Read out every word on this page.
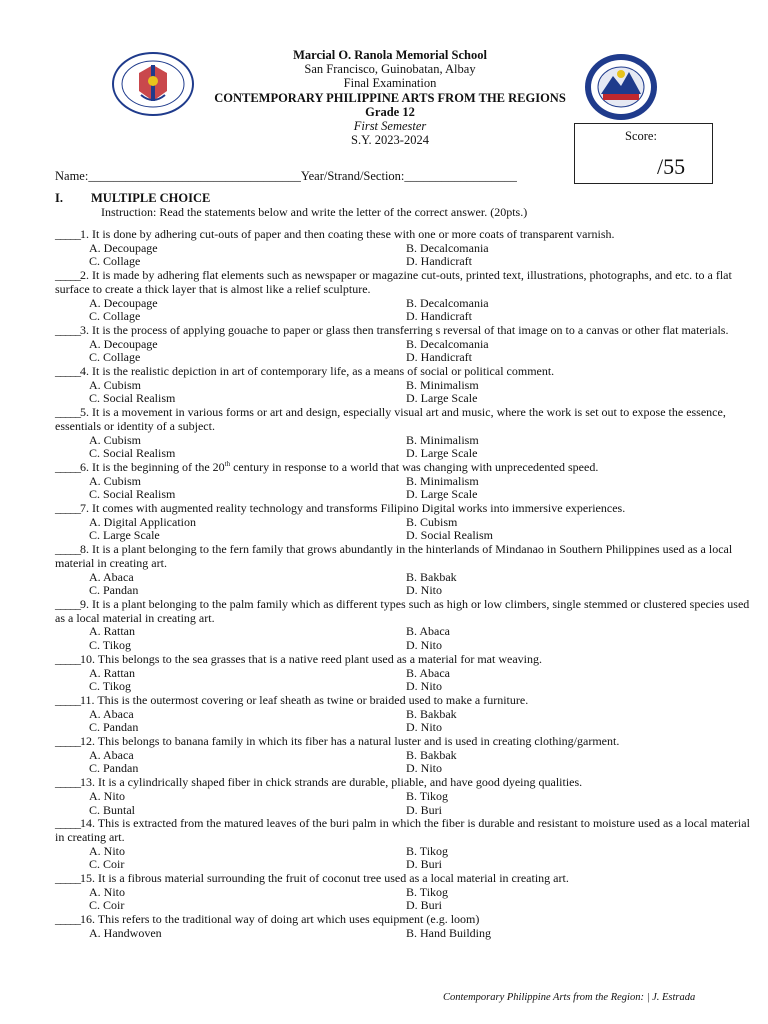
Marcial O. Ranola Memorial School
San Francisco, Guinobatan, Albay
Final Examination
CONTEMPORARY PHILIPPINE ARTS FROM THE REGIONS
Grade 12
First Semester
S.Y. 2023-2024	Score:
/55
Name:__________________________________Year/Strand/Section:__________________
I. MULTIPLE CHOICE
Instruction: Read the statements below and write the letter of the correct answer. (20pts.)
_____1. It is done by adhering cut-outs of paper and then coating these with one or more coats of transparent varnish.
A. Decoupage	B. Decalcomania
C. Collage	D. Handicraft
_____2. It is made by adhering flat elements such as newspaper or magazine cut-outs, printed text, illustrations, photographs, and etc. to a flat surface to create a thick layer that is almost like a relief sculpture.
A. Decoupage	B. Decalcomania
C. Collage	D. Handicraft
_____3. It is the process of applying gouache to paper or glass then transferring s reversal of that image on to a canvas or other flat materials.
A. Decoupage	B. Decalcomania
C. Collage	D. Handicraft
_____4. It is the realistic depiction in art of contemporary life, as a means of social or political comment.
A. Cubism	B. Minimalism
C. Social Realism	D. Large Scale
_____5. It is a movement in various forms or art and design, especially visual art and music, where the work is set out to expose the essence, essentials or identity of a subject.
A. Cubism	B. Minimalism
C. Social Realism	D. Large Scale
_____6. It is the beginning of the 20th century in response to a world that was changing with unprecedented speed.
A. Cubism	B. Minimalism
C. Social Realism	D. Large Scale
_____7. It comes with augmented reality technology and transforms Filipino Digital works into immersive experiences.
A. Digital Application	B. Cubism
C. Large Scale	D. Social Realism
_____8. It is a plant belonging to the fern family that grows abundantly in the hinterlands of Mindanao in Southern Philippines used as a local material in creating art.
A. Abaca	B. Bakbak
C. Pandan	D. Nito
_____9. It is a plant belonging to the palm family which as different types such as high or low climbers, single stemmed or clustered species used as a local material in creating art.
A. Rattan	B. Abaca
C. Tikog	D. Nito
_____10. This belongs to the sea grasses that is a native reed plant used as a material for mat weaving.
A. Rattan	B. Abaca
C. Tikog	D. Nito
_____11. This is the outermost covering or leaf sheath as twine or braided used to make a furniture.
A. Abaca	B. Bakbak
C. Pandan	D. Nito
_____12. This belongs to banana family in which its fiber has a natural luster and is used in creating clothing/garment.
A. Abaca	B. Bakbak
C. Pandan	D. Nito
_____13. It is a cylindrically shaped fiber in chick strands are durable, pliable, and have good dyeing qualities.
A. Nito	B. Tikog
C. Buntal	D. Buri
_____14. This is extracted from the matured leaves of the buri palm in which the fiber is durable and resistant to moisture used as a local material in creating art.
A. Nito	B. Tikog
C. Coir	D. Buri
_____15. It is a fibrous material surrounding the fruit of coconut tree used as a local material in creating art.
A. Nito	B. Tikog
C. Coir	D. Buri
_____16. This refers to the traditional way of doing art which uses equipment (e.g. loom)
A. Handwoven	B. Hand Building
Contemporary Philippine Arts from the Region: | J. Estrada
